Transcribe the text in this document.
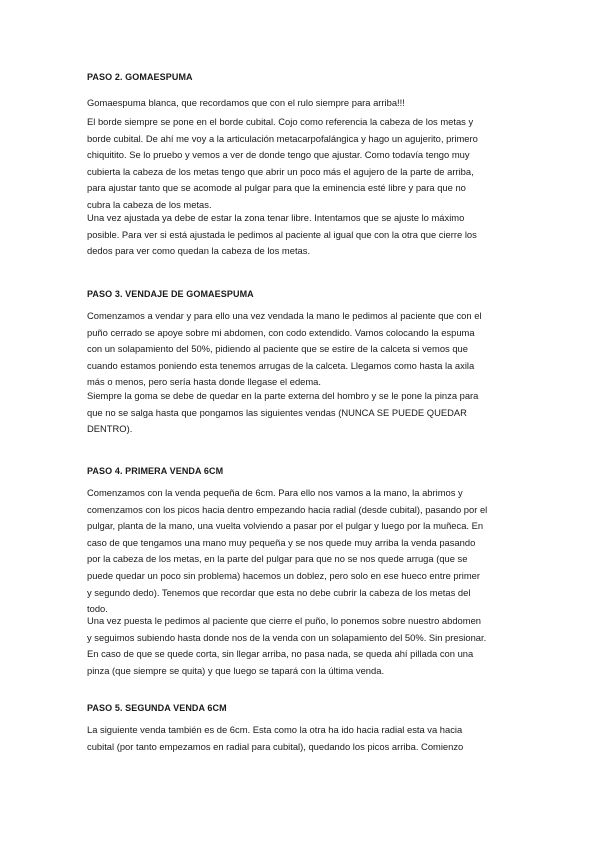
PASO 2. GOMAESPUMA
Gomaespuma blanca, que recordamos que con el rulo siempre para arriba!!!
El borde siempre se pone en el borde cubital. Cojo como referencia la cabeza de los metas y
borde cubital. De ahí me voy a la articulación metacarpofalángica y hago un agujerito, primero
chiquitito. Se lo pruebo y vemos a ver de donde tengo que ajustar. Como todavía tengo muy
cubierta la cabeza de los metas tengo que abrir un poco más el agujero de la parte de arriba,
para ajustar tanto que se acomode al pulgar para que la eminencia esté libre y para que no
cubra la cabeza de los metas.
Una vez ajustada ya debe de estar la zona tenar libre. Intentamos que se ajuste lo máximo
posible. Para ver si está ajustada le pedimos al paciente al igual que con la otra que cierre los
dedos para ver como quedan la cabeza de los metas.
PASO 3. VENDAJE DE GOMAESPUMA
Comenzamos a vendar y para ello una vez vendada la mano le pedimos al paciente que con el
puño cerrado se apoye sobre mi abdomen, con codo extendido. Vamos colocando la espuma
con un solapamiento del 50%, pidiendo al paciente que se estire de la calceta si vemos que
cuando estamos poniendo esta tenemos arrugas de la calceta. Llegamos como hasta la axila
más o menos, pero sería hasta donde llegase el edema.
Siempre la goma se debe de quedar en la parte externa del hombro y se le pone la pinza para
que no se salga hasta que pongamos las siguientes vendas (NUNCA SE PUEDE QUEDAR
DENTRO).
PASO 4. PRIMERA VENDA 6CM
Comenzamos con la venda pequeña de 6cm. Para ello nos vamos a la mano, la abrimos y
comenzamos con los picos hacia dentro empezando hacia radial (desde cubital), pasando por el
pulgar, planta de la mano, una vuelta volviendo a pasar por el pulgar y luego por la muñeca. En
caso de que tengamos una mano muy pequeña y se nos quede muy arriba la venda pasando
por la cabeza de los metas, en la parte del pulgar para que no se nos quede arruga (que se
puede quedar un poco sin problema) hacemos un doblez, pero solo en ese hueco entre primer
y segundo dedo). Tenemos que recordar que esta no debe cubrir la cabeza de los metas del
todo.
Una vez puesta le pedimos al paciente que cierre el puño, lo ponemos sobre nuestro abdomen
y seguimos subiendo hasta donde nos de la venda con un solapamiento del 50%. Sin presionar.
En caso de que se quede corta, sin llegar arriba, no pasa nada, se queda ahí pillada con una
pinza (que siempre se quita) y que luego se tapará con la última venda.
PASO 5. SEGUNDA VENDA 6CM
La siguiente venda también es de 6cm. Esta como la otra ha ido hacia radial esta va hacia
cubital (por tanto empezamos en radial para cubital), quedando los picos arriba. Comienzo
